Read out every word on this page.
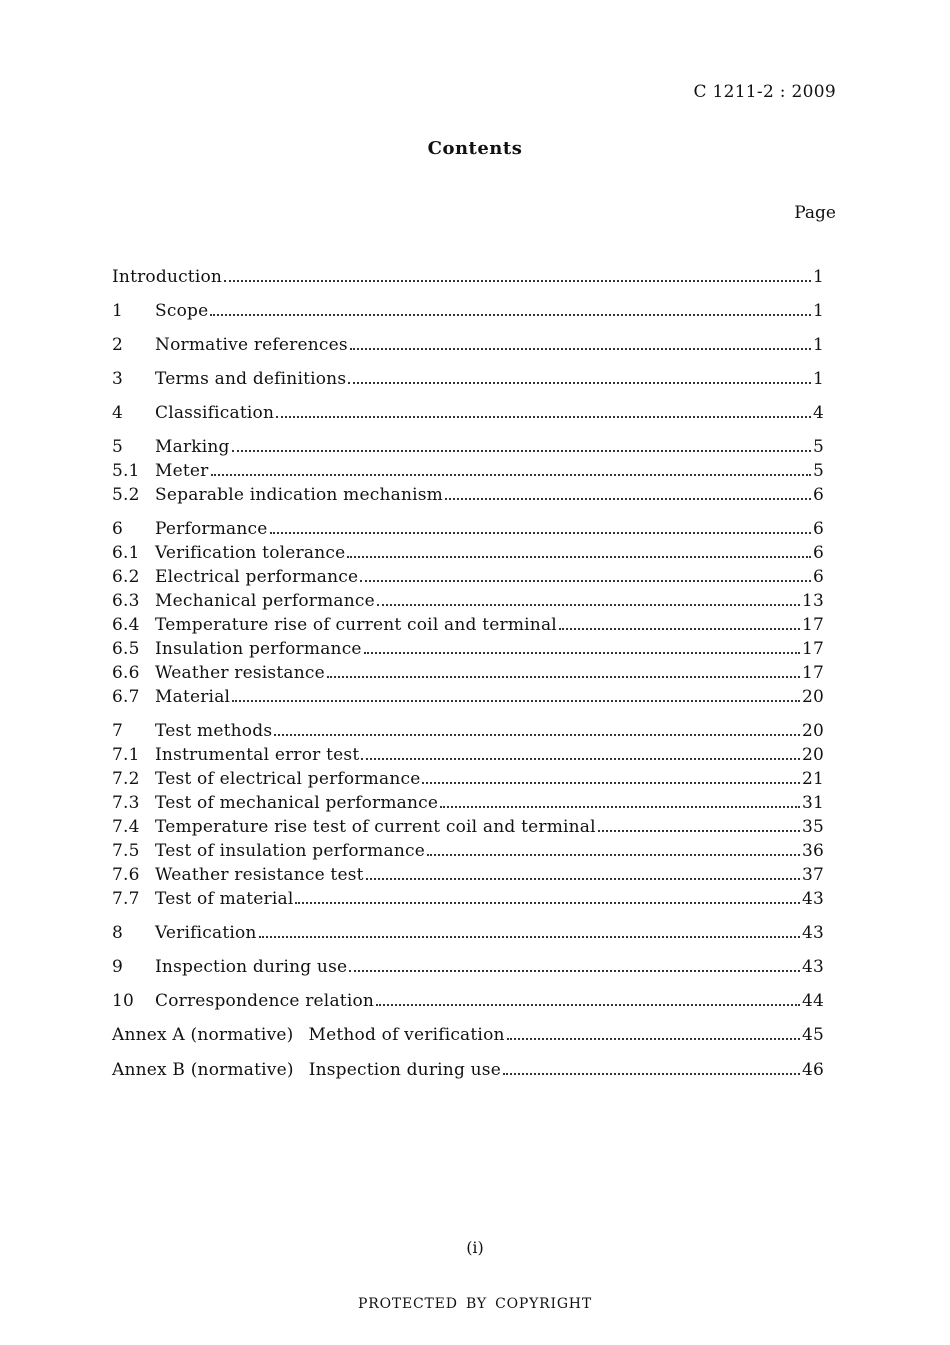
C 1211-2 : 2009
Contents
Page
Introduction	1
1	Scope	1
2	Normative references	1
3	Terms and definitions	1
4	Classification	4
5	Marking	5
5.1 Meter	5
5.2 Separable indication mechanism	6
6	Performance	6
6.1 Verification tolerance	6
6.2 Electrical performance	6
6.3 Mechanical performance	13
6.4 Temperature rise of current coil and terminal	17
6.5 Insulation performance	17
6.6 Weather resistance	17
6.7 Material	20
7	Test methods	20
7.1 Instrumental error test	20
7.2 Test of electrical performance	21
7.3 Test of mechanical performance	31
7.4 Temperature rise test of current coil and terminal	35
7.5 Test of insulation performance	36
7.6 Weather resistance test	37
7.7 Test of material	43
8	Verification	43
9	Inspection during use	43
10	Correspondence relation	44
Annex A (normative) Method of verification	45
Annex B (normative) Inspection during use	46
(i)
PROTECTED BY COPYRIGHT
